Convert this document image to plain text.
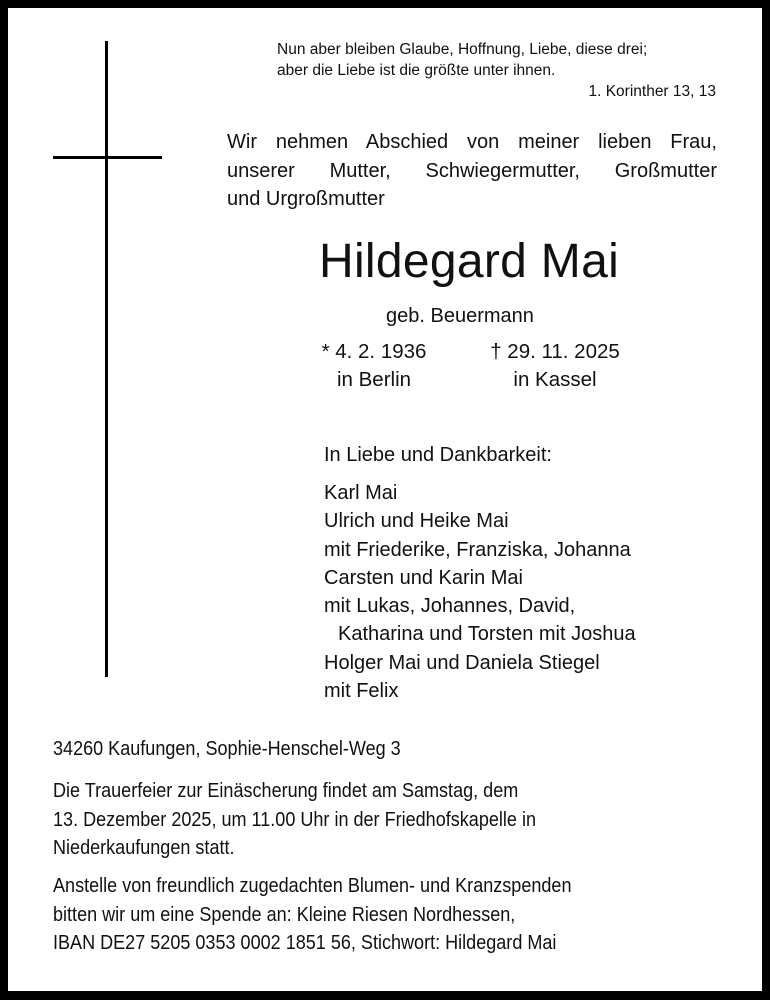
Nun aber bleiben Glaube, Hoffnung, Liebe, diese drei;
aber die Liebe ist die größte unter ihnen.
1. Korinther 13, 13
Wir nehmen Abschied von meiner lieben Frau,
unserer Mutter, Schwiegermutter, Großmutter
und Urgroßmutter
Hildegard Mai
geb. Beuermann
* 4. 2. 1936
in Berlin
† 29. 11. 2025
in Kassel
In Liebe und Dankbarkeit:
Karl Mai
Ulrich und Heike Mai
mit Friederike, Franziska, Johanna
Carsten und Karin Mai
mit Lukas, Johannes, David,
Katharina und Torsten mit Joshua
Holger Mai und Daniela Stiegel
mit Felix
34260 Kaufungen, Sophie-Henschel-Weg 3
Die Trauerfeier zur Einäscherung findet am Samstag, dem
13. Dezember 2025, um 11.00 Uhr in der Friedhofskapelle in
Niederkaufungen statt.
Anstelle von freundlich zugedachten Blumen- und Kranzspenden
bitten wir um eine Spende an: Kleine Riesen Nordhessen,
IBAN DE27 5205 0353 0002 1851 56, Stichwort: Hildegard Mai
